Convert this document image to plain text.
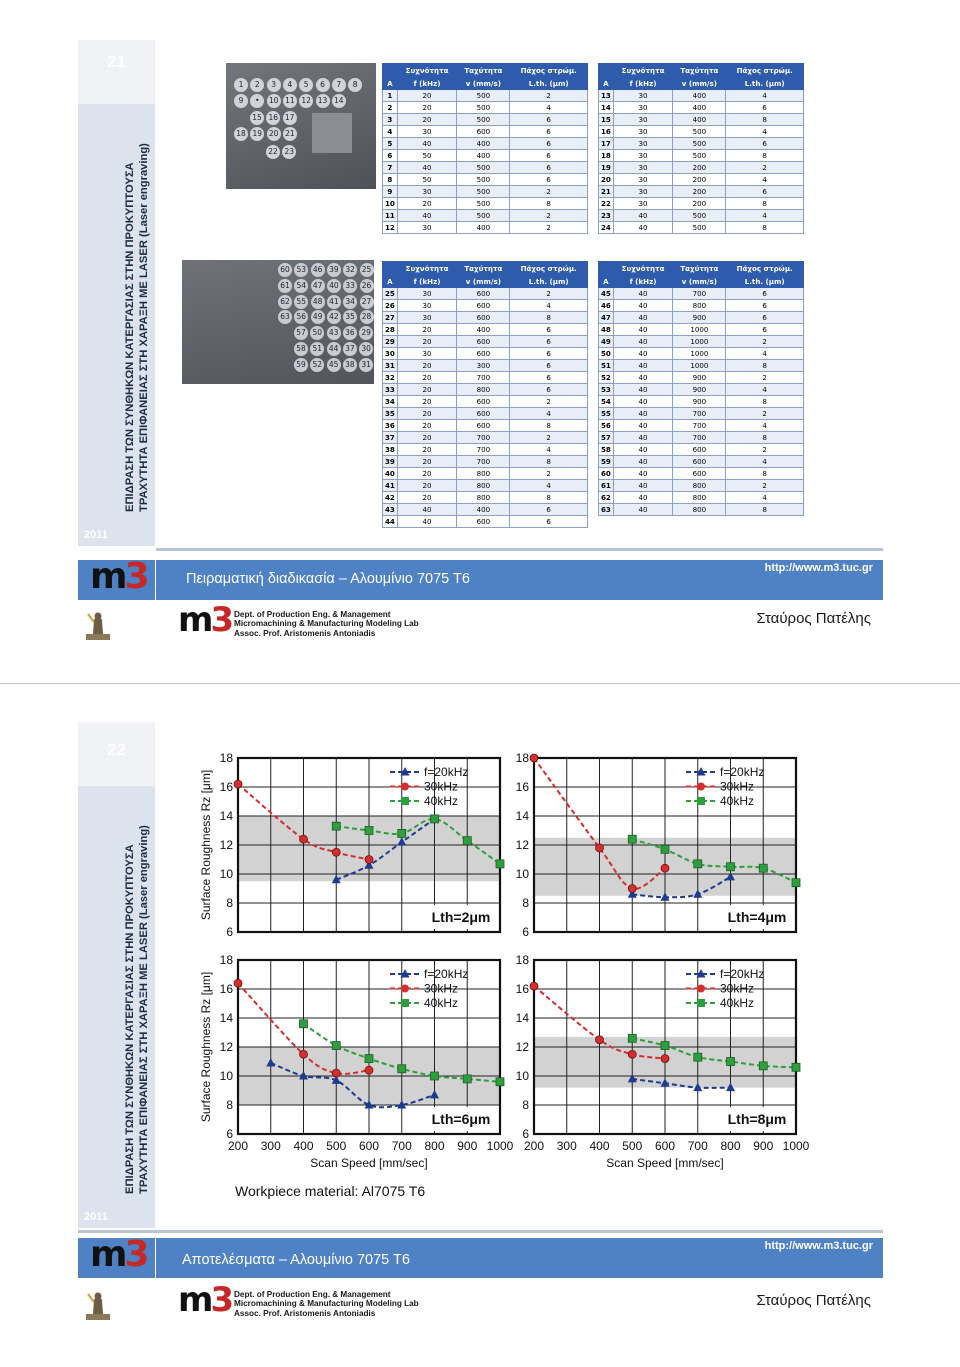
21
ΕΠΙΔΡΑΣΗ ΤΩΝ ΣΥΝΘΗΚΩΝ ΚΑΤΕΡΓΑΣΙΑΣ ΣΤΗΝ ΠΡΟΚΥΠΤΟΥΣΑ ΤΡΑΧΥΤΗΤΑ ΕΠΙΦΑΝΕΙΑΣ ΣΤΗ ΧΑΡΑΞΗ ΜΕ LASER (Laser engraving)
2011
m3	Πειραματική διαδικασία – Αλουμίνιο 7075 Τ6
http://www.m3.tuc.gr
m3 Dept. of Production Eng. & Management
Micromachining & Manufacturing Modeling Lab
Assoc. Prof. Aristomenis Antoniadis
Σταύρος Πατέλης
1	2	3	4	5	6	7	8
9	•	10 11 12 13 14
15 16 17
18 19 20 21
22 23
60 53 46 39 32 25
61 54 47 40 33 26
62 55 48 41 34 27
63 56 49 42 35 28
57 50 43 36 29
58 51 44 37 30
59 52 45 38 31
	Συχνότητα	Ταχύτητα	Πάχος στρώμ.
A	f (kHz)	v (mm/s)	L.th. (μm)
1	20	500	2
2	20	500	4
3	20	500	6
4	30	600	6
5	40	400	6
6	50	400	6
7	40	500	6
8	50	500	6
9	30	500	2
10	20	500	8
11	40	500	2
12	30	400	2
	Συχνότητα	Ταχύτητα	Πάχος στρώμ.
A	f (kHz)	v (mm/s)	L.th. (μm)
13	30	400	4
14	30	400	6
15	30	400	8
16	30	500	4
17	30	500	6
18	30	500	8
19	30	200	2
20	30	200	4
21	30	200	6
22	30	200	8
23	40	500	4
24	40	500	8
	Συχνότητα	Ταχύτητα	Πάχος στρώμ.
A	f (kHz)	v (mm/s)	L.th. (μm)
25	30	600	2
26	30	600	4
27	30	600	8
28	20	400	6
29	20	600	6
30	30	600	6
31	20	300	6
32	20	700	6
33	20	800	6
34	20	600	2
35	20	600	4
36	20	600	8
37	20	700	2
38	20	700	4
39	20	700	8
40	20	800	2
41	20	800	4
42	20	800	8
43	40	400	6
44	40	600	6
	Συχνότητα	Ταχύτητα	Πάχος στρώμ.
A	f (kHz)	v (mm/s)	L.th. (μm)
45	40	700	6
46	40	800	6
47	40	900	6
48	40	1000	6
49	40	1000	2
50	40	1000	4
51	40	1000	8
52	40	900	2
53	40	900	4
54	40	900	8
55	40	700	2
56	40	700	4
57	40	700	8
58	40	600	2
59	40	600	4
60	40	600	8
61	40	800	2
62	40	800	4
63	40	800	8
22
ΕΠΙΔΡΑΣΗ ΤΩΝ ΣΥΝΘΗΚΩΝ ΚΑΤΕΡΓΑΣΙΑΣ ΣΤΗΝ ΠΡΟΚΥΠΤΟΥΣΑ ΤΡΑΧΥΤΗΤΑ ΕΠΙΦΑΝΕΙΑΣ ΣΤΗ ΧΑΡΑΞΗ ΜΕ LASER (Laser engraving)
2011
m3 Αποτελέσματα – Αλουμίνιο 7075 Τ6
http://www.m3.tuc.gr
m3 Dept. of Production Eng. & Management
Micromachining & Manufacturing Modeling Lab
Assoc. Prof. Aristomenis Antoniadis
Σταύρος Πατέλης
6
8
10
12
14
16
18
Surface Roughness Rz [μm]	f=20kHz
30kHz
40kHz
Lth=2μm
6
8
10
12
14
16
18
f=20kHz
30kHz
40kHz
Lth=4μm
6
8
10
12
14
16
18
Surface Roughness Rz [μm]
200 300 400 500 600 700 800 900 1000
Scan Speed [mm/sec]
f=20kHz
30kHz
40kHz
Lth=6μm
6
8
10
12
14
16
18
200 300 400 500 600 700 800 900 1000
Scan Speed [mm/sec]
f=20kHz
30kHz
40kHz
Lth=8μm
Workpiece material: Al7075 T6
